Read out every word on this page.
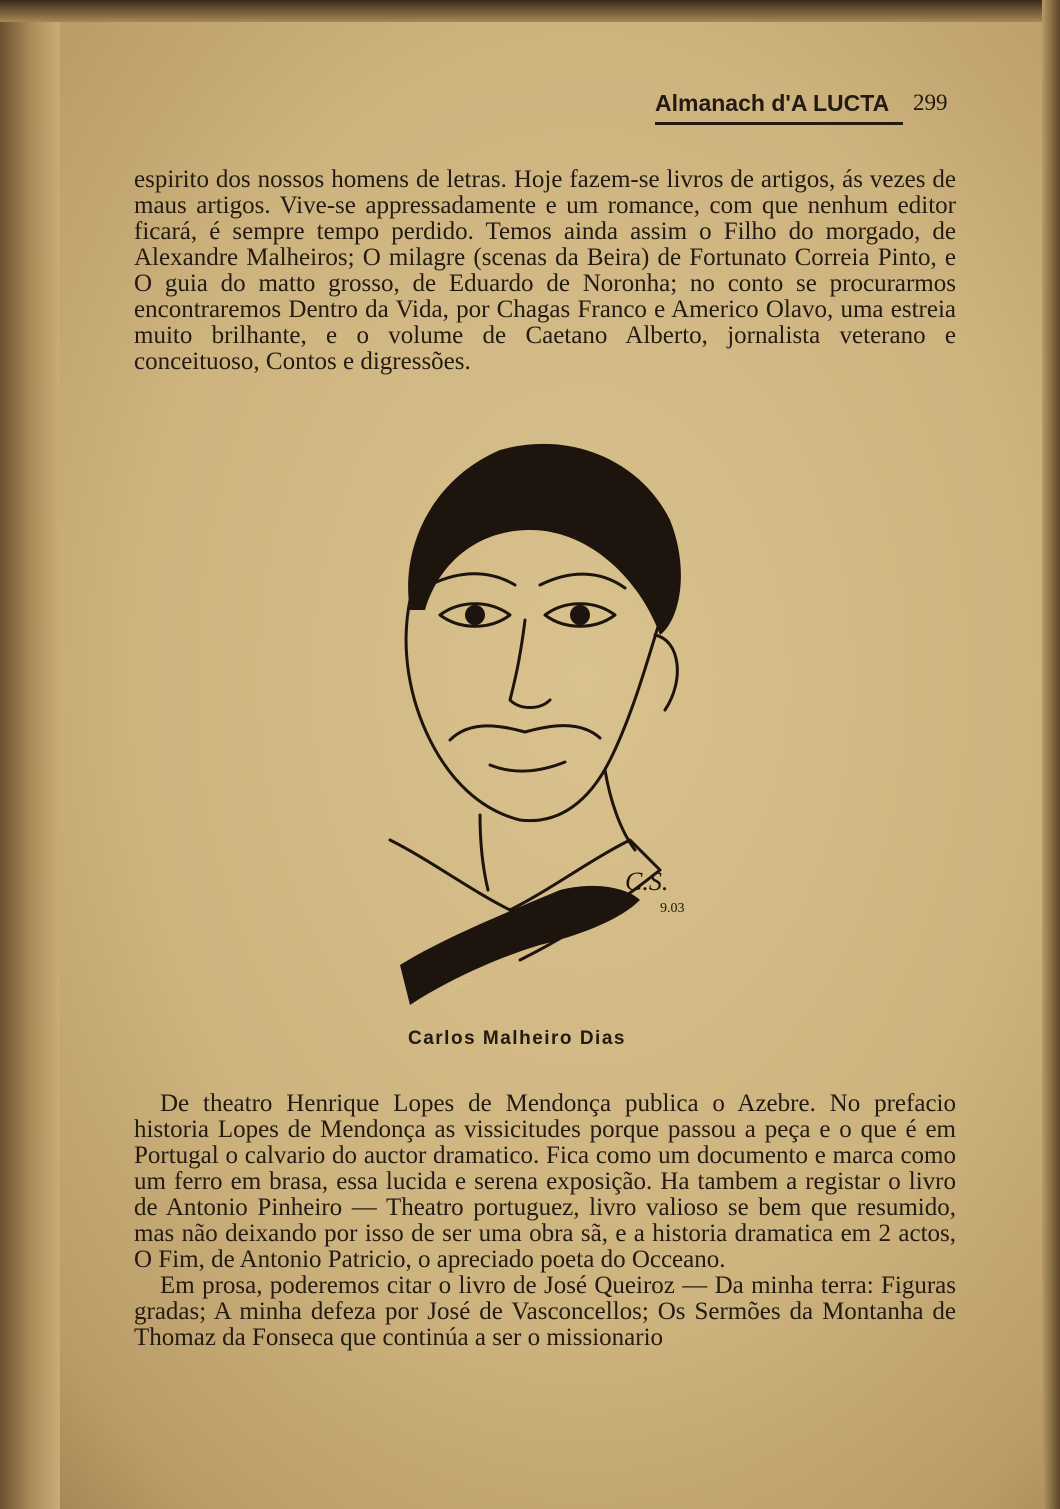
Almanach d'A LUCTA 299

espirito dos nossos homens de letras. Hoje fazem-se livros de artigos, ás vezes de maus artigos. Vive-se appressadamente e um romance, com que nenhum editor ficará, é sempre tempo perdido. Temos ainda assim o Filho do morgado, de Alexandre Malheiros; O milagre (scenas da Beira) de Fortunato Correia Pinto, e O guia do matto grosso, de Eduardo de Noronha; no conto se procurarmos encontraremos Dentro da Vida, por Chagas Franco e Americo Olavo, uma estreia muito brilhante, e o volume de Caetano Alberto, jornalista veterano e conceituoso, Contos e digressões.

C.S.
9.03
DIAS
Carlos Malheiro Dias

De theatro Henrique Lopes de Mendonça publica o Azebre. No prefacio historia Lopes de Mendonça as vissicitudes porque passou a peça e o que é em Portugal o calvario do auctor dramatico. Fica como um documento e marca como um ferro em brasa, essa lucida e serena exposição. Ha tambem a registar o livro de Antonio Pinheiro — Theatro portuguez, livro valioso se bem que resumido, mas não deixando por isso de ser uma obra sã, e a historia dramatica em 2 actos, O Fim, de Antonio Patricio, o apreciado poeta do Occeano.

Em prosa, poderemos citar o livro de José Queiroz — Da minha terra: Figuras gradas; A minha defeza por José de Vasconcellos; Os Sermões da Montanha de Thomaz da Fonseca que continúa a ser o missionario
